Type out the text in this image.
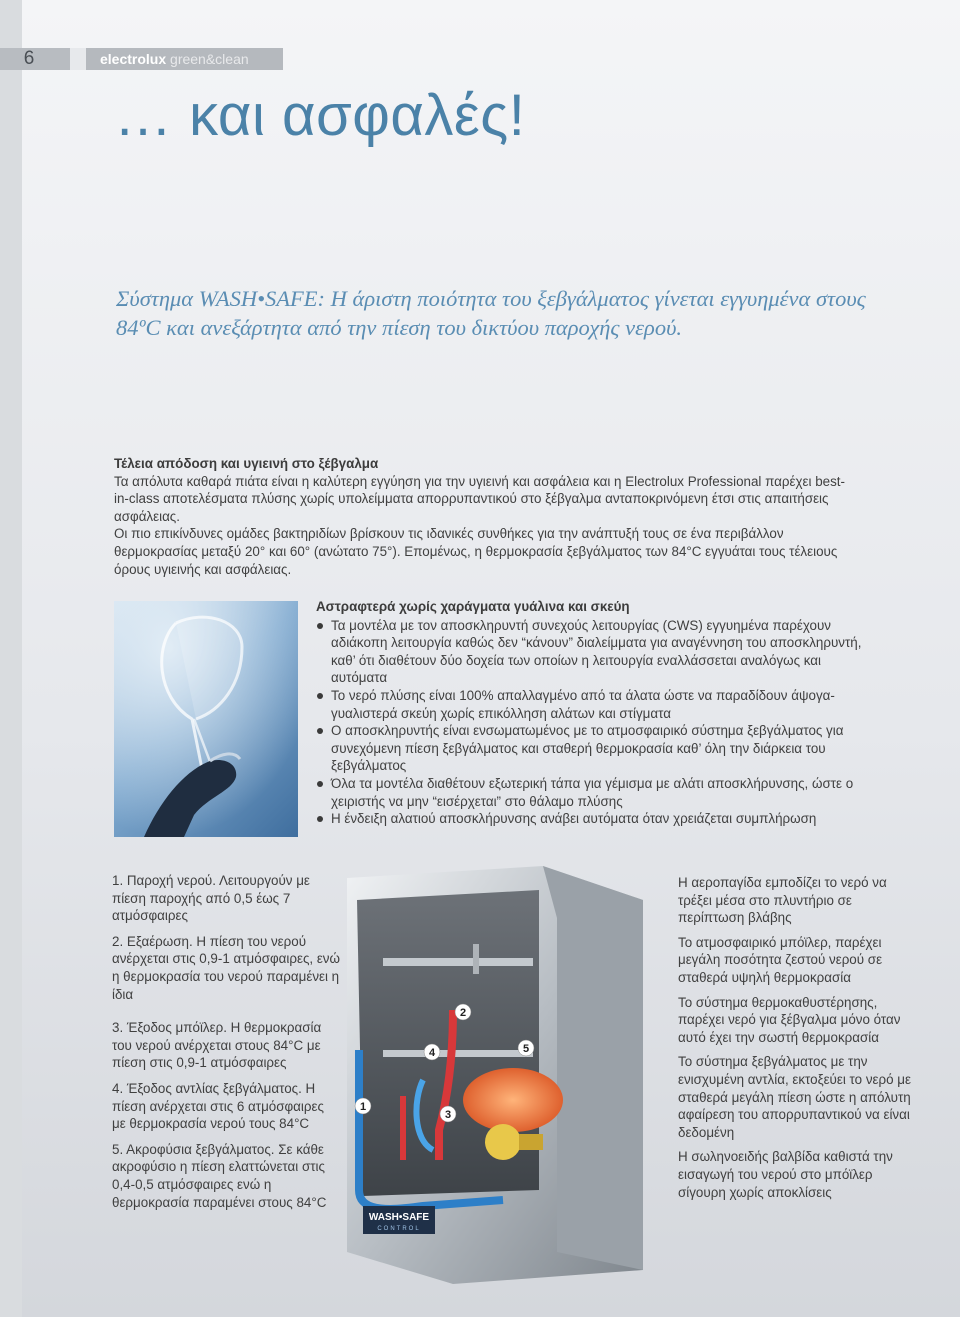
6	electrolux green&clean
… και ασφαλές!
Σύστημα WASH•SAFE: Η άριστη ποιότητα του ξεβγάλματος γίνεται εγγυημένα στους 84ºC και ανεξάρτητα από την πίεση του δικτύου παροχής νερού.
Τέλεια απόδοση και υγιεινή στο ξέβγαλμα

Τα απόλυτα καθαρά πιάτα είναι η καλύτερη εγγύηση για την υγιεινή και ασφάλεια και η Electrolux Professional παρέχει best-in-class αποτελέσματα πλύσης χωρίς υπολείμματα απορρυπαντικού στο ξέβγαλμα ανταποκρινόμενη έτσι στις απαιτήσεις ασφάλειας.

Οι πιο επικίνδυνες ομάδες βακτηριδίων βρίσκουν τις ιδανικές συνθήκες για την ανάπτυξή τους σε ένα περιβάλλον θερμοκρασίας μεταξύ 20° και 60° (ανώτατο 75°). Επομένως, η θερμοκρασία ξεβγάλματος των 84°C εγγυάται τους τέλειους όρους υγιεινής και ασφάλειας.

Αστραφτερά χωρίς χαράγματα γυάλινα και σκεύη
Τα μοντέλα με τον αποσκληρυντή συνεχούς λειτουργίας (CWS) εγγυημένα παρέχουν αδιάκοπη λειτουργία καθώς δεν “κάνουν” διαλείμματα για αναγέννηση του αποσκληρυντή, καθ’ ότι διαθέτουν δύο δοχεία των οποίων η λειτουργία εναλλάσσεται αναλόγως και αυτόματα
Το νερό πλύσης είναι 100% απαλλαγμένο από τα άλατα ώστε να παραδίδουν άψογα-γυαλιστερά σκεύη χωρίς επικόλληση αλάτων και στίγματα
Ο αποσκληρυντής είναι ενσωματωμένος με το ατμοσφαιρικό σύστημα ξεβγάλματος για συνεχόμενη πίεση ξεβγάλματος και σταθερή θερμοκρασία καθ’ όλη την διάρκεια του ξεβγάλματος
Όλα τα μοντέλα διαθέτουν εξωτερική τάπα για γέμισμα με αλάτι αποσκλήρυνσης, ώστε ο χειριστής να μην “εισέρχεται” στο θάλαμο πλύσης
Η ένδειξη αλατιού αποσκλήρυνσης ανάβει αυτόματα όταν χρειάζεται συμπλήρωση

1. Παροχή νερού. Λειτουργούν με πίεση παροχής από 0,5 έως 7 ατμόσφαιρες

2. Εξαέρωση. Η πίεση του νερού ανέρχεται στις 0,9-1 ατμόσφαιρες, ενώ η θερμοκρασία του νερού παραμένει η ίδια

3. Έξοδος μπόϊλερ. Η θερμοκρασία του νερού ανέρχεται στους 84°C με πίεση στις 0,9-1 ατμόσφαιρες

4. Έξοδος αντλίας ξεβγάλματος. Η πίεση ανέρχεται στις 6 ατμόσφαιρες με θερμοκρασία νερού τους 84°C

5. Ακροφύσια ξεβγάλματος. Σε κάθε ακροφύσιο η πίεση ελαττώνεται στις 0,4-0,5 ατμόσφαιρες ενώ η θερμοκρασία παραμένει στους 84°C

WASH•SAFE
CONTROL
1
2
3
4	5

Η αεροπαγίδα εμποδίζει το νερό να τρέξει μέσα στο πλυντήριο σε περίπτωση βλάβης

Το ατμοσφαιρικό μπόϊλερ, παρέχει μεγάλη ποσότητα ζεστού νερού σε σταθερά υψηλή θερμοκρασία

Το σύστημα θερμοκαθυστέρησης, παρέχει νερό για ξέβγαλμα μόνο όταν αυτό έχει την σωστή θερμοκρασία

Το σύστημα ξεβγάλματος με την ενισχυμένη αντλία, εκτοξεύει το νερό με σταθερά μεγάλη πίεση ώστε η απόλυτη αφαίρεση του απορρυπαντικού να είναι δεδομένη

Η σωληνοειδής βαλβίδα καθιστά την εισαγωγή του νερού στο μπόϊλερ σίγουρη χωρίς αποκλίσεις
